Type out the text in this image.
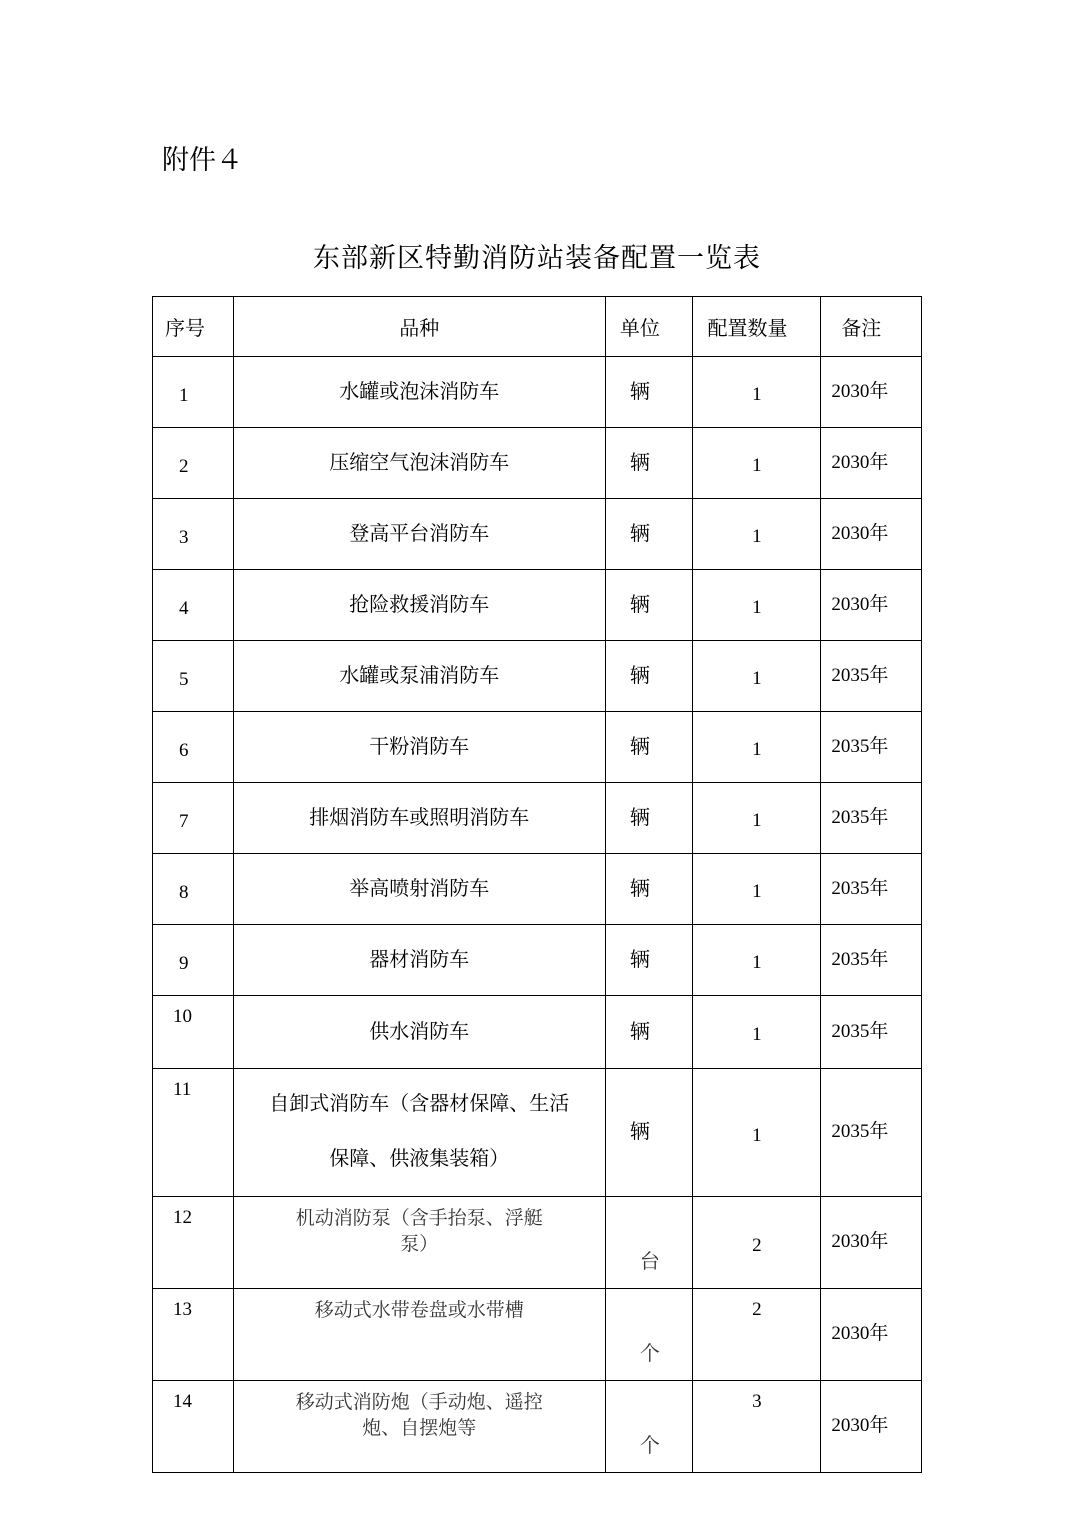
附件４
东部新区特勤消防站装备配置一览表
序号	品种	单位	配置数量	备注
1	水罐或泡沫消防车	辆	1	2030年
2	压缩空气泡沫消防车	辆	1	2030年
3	登高平台消防车	辆	1	2030年
4	抢险救援消防车	辆	1	2030年
5	水罐或泵浦消防车	辆	1	2035年
6	干粉消防车	辆	1	2035年
7	排烟消防车或照明消防车	辆	1	2035年
8	举高喷射消防车	辆	1	2035年
9	器材消防车	辆	1	2035年
10	供水消防车	辆	1	2035年
11	自卸式消防车（含器材保障、生活
保障、供液集装箱）	辆	1	2035年
12	机动消防泵（含手抬泵、浮艇
泵）	台	2	2030年
13	移动式水带卷盘或水带槽	个	2	2030年
14	移动式消防炮（手动炮、遥控
炮、自摆炮等	个	3	2030年
